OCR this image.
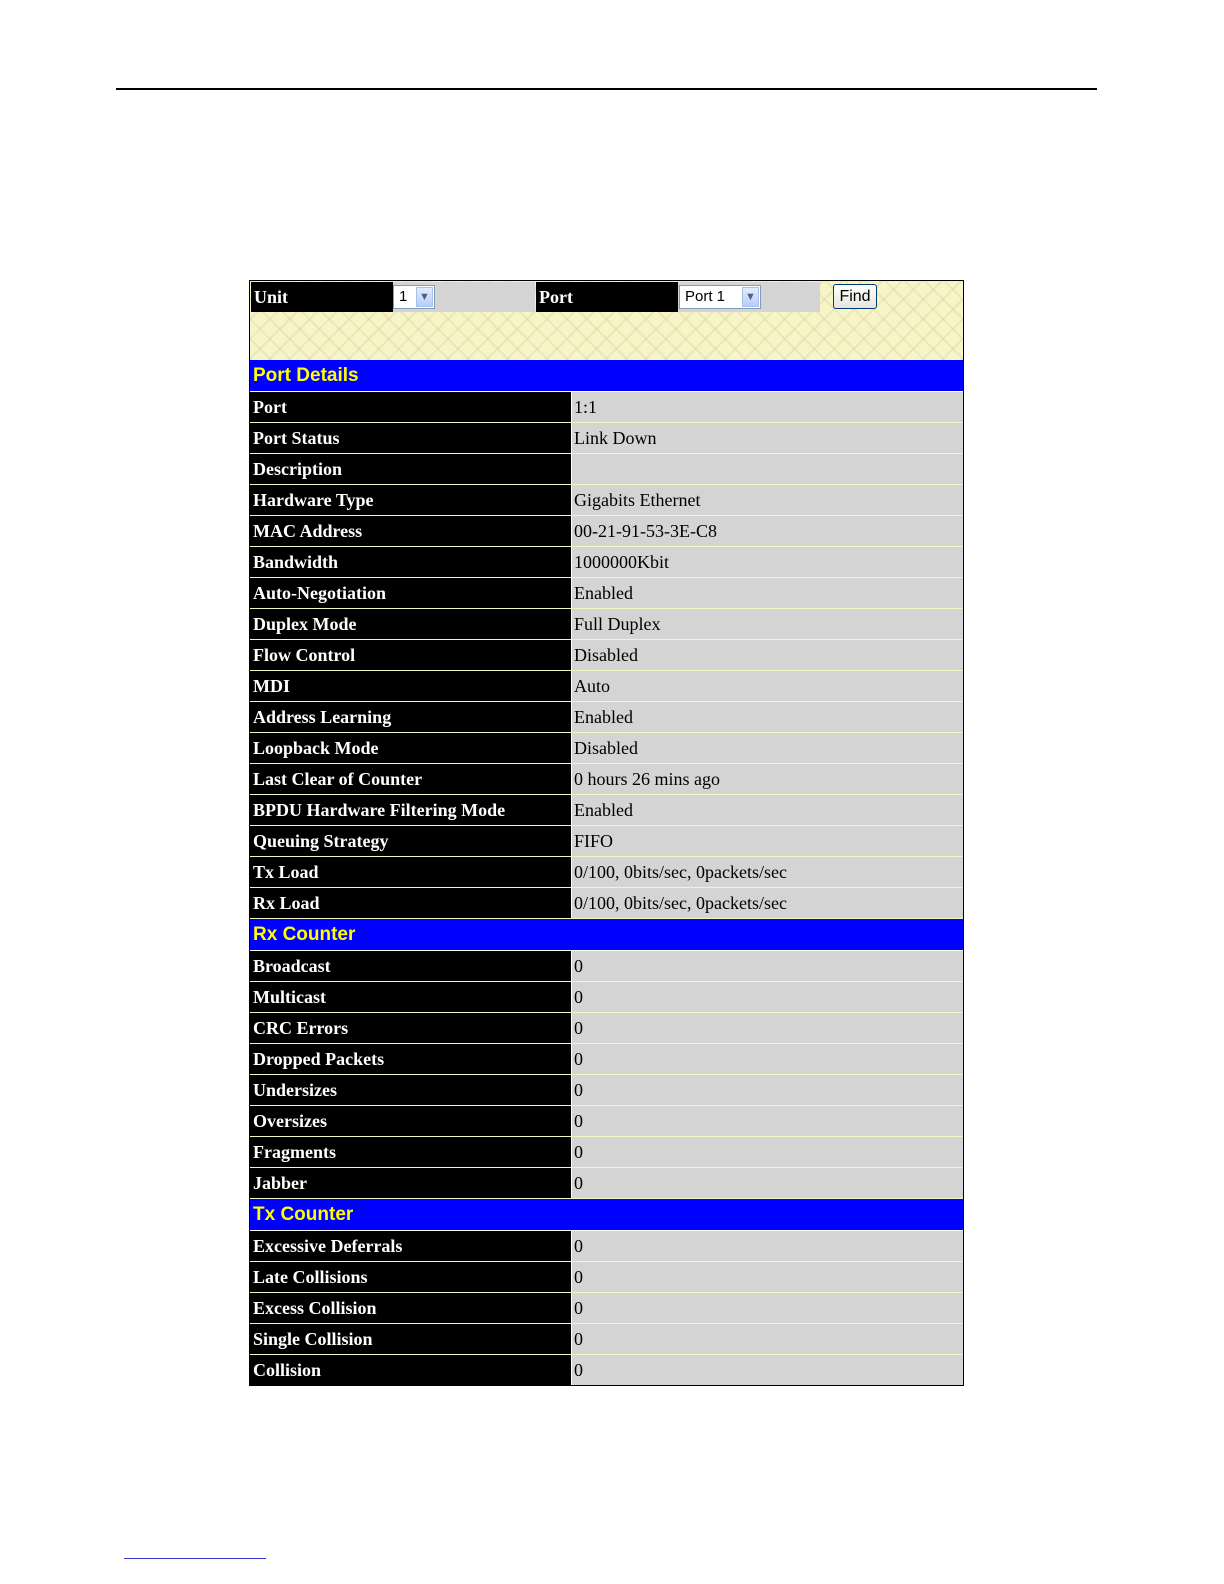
Unit	1 ▼	Port	Port 1 ▼	Find
Port Details
Port	1:1
Port Status	Link Down
Description
Hardware Type	Gigabits Ethernet
MAC Address	00-21-91-53-3E-C8
Bandwidth	1000000Kbit
Auto-Negotiation	Enabled
Duplex Mode	Full Duplex
Flow Control	Disabled
MDI	Auto
Address Learning	Enabled
Loopback Mode	Disabled
Last Clear of Counter	0 hours 26 mins ago
BPDU Hardware Filtering Mode	Enabled
Queuing Strategy	FIFO
Tx Load	0/100, 0bits/sec, 0packets/sec
Rx Load	0/100, 0bits/sec, 0packets/sec
Rx Counter
Broadcast	0
Multicast	0
CRC Errors	0
Dropped Packets	0
Undersizes	0
Oversizes	0
Fragments	0
Jabber	0
Tx Counter
Excessive Deferrals	0
Late Collisions	0
Excess Collision	0
Single Collision	0
Collision	0
